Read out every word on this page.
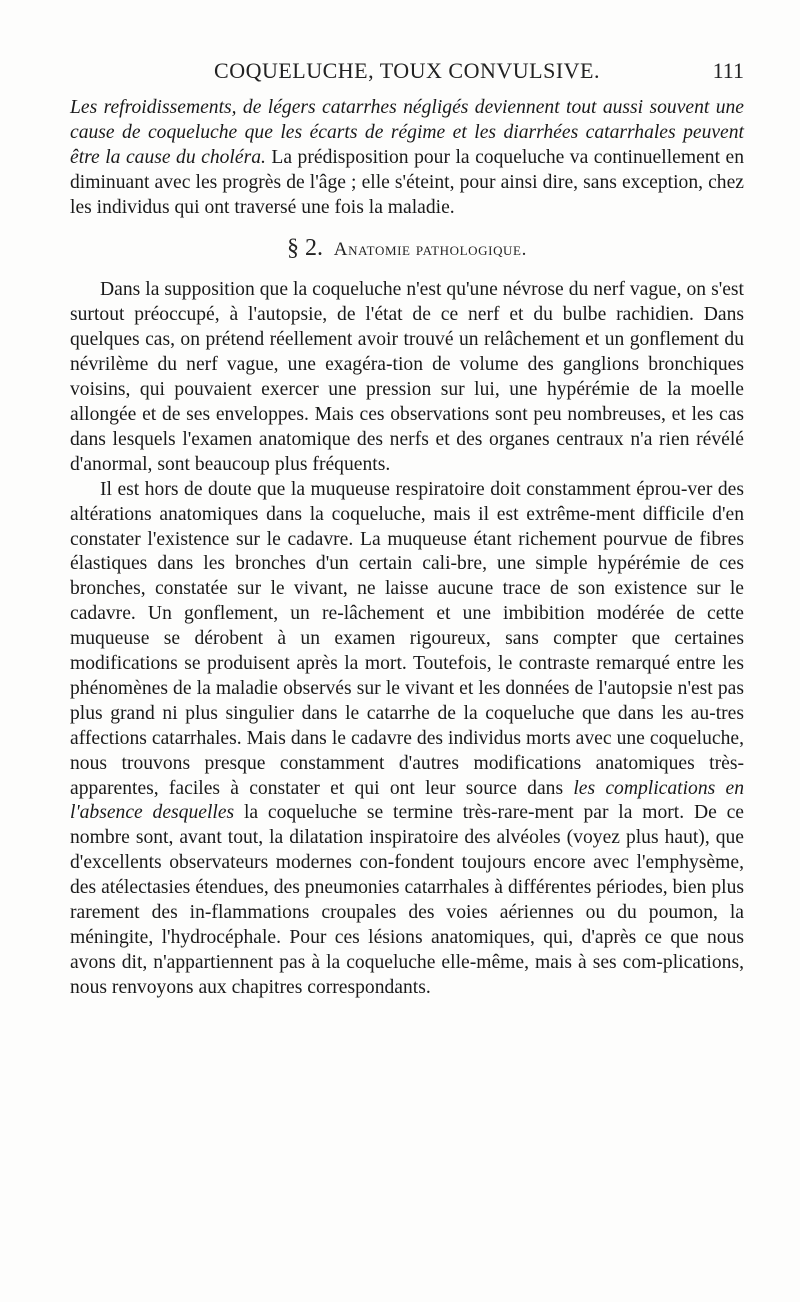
COQUELUCHE, TOUX CONVULSIVE.	111

Les refroidissements, de légers catarrhes négligés deviennent tout aussi souvent une cause de coqueluche que les écarts de régime et les diarrhées catarrhales peuvent être la cause du choléra. La prédisposition pour la coqueluche va continuellement en diminuant avec les progrès de l'âge ; elle s'éteint, pour ainsi dire, sans exception, chez les individus qui ont traversé une fois la maladie.

§ 2. Anatomie pathologique.

Dans la supposition que la coqueluche n'est qu'une névrose du nerf vague, on s'est surtout préoccupé, à l'autopsie, de l'état de ce nerf et du bulbe rachidien. Dans quelques cas, on prétend réellement avoir trouvé un relâchement et un gonflement du névrilème du nerf vague, une exagéra-tion de volume des ganglions bronchiques voisins, qui pouvaient exercer une pression sur lui, une hypérémie de la moelle allongée et de ses enveloppes. Mais ces observations sont peu nombreuses, et les cas dans lesquels l'examen anatomique des nerfs et des organes centraux n'a rien révélé d'anormal, sont beaucoup plus fréquents.

Il est hors de doute que la muqueuse respiratoire doit constamment éprou-ver des altérations anatomiques dans la coqueluche, mais il est extrême-ment difficile d'en constater l'existence sur le cadavre. La muqueuse étant richement pourvue de fibres élastiques dans les bronches d'un certain cali-bre, une simple hypérémie de ces bronches, constatée sur le vivant, ne laisse aucune trace de son existence sur le cadavre. Un gonflement, un re-lâchement et une imbibition modérée de cette muqueuse se dérobent à un examen rigoureux, sans compter que certaines modifications se produisent après la mort. Toutefois, le contraste remarqué entre les phénomènes de la maladie observés sur le vivant et les données de l'autopsie n'est pas plus grand ni plus singulier dans le catarrhe de la coqueluche que dans les au-tres affections catarrhales. Mais dans le cadavre des individus morts avec une coqueluche, nous trouvons presque constamment d'autres modifications anatomiques très-apparentes, faciles à constater et qui ont leur source dans les complications en l'absence desquelles la coqueluche se termine très-rare-ment par la mort. De ce nombre sont, avant tout, la dilatation inspiratoire des alvéoles (voyez plus haut), que d'excellents observateurs modernes con-fondent toujours encore avec l'emphysème, des atélectasies étendues, des pneumonies catarrhales à différentes périodes, bien plus rarement des in-flammations croupales des voies aériennes ou du poumon, la méningite, l'hydrocéphale. Pour ces lésions anatomiques, qui, d'après ce que nous avons dit, n'appartiennent pas à la coqueluche elle-même, mais à ses com-plications, nous renvoyons aux chapitres correspondants.
